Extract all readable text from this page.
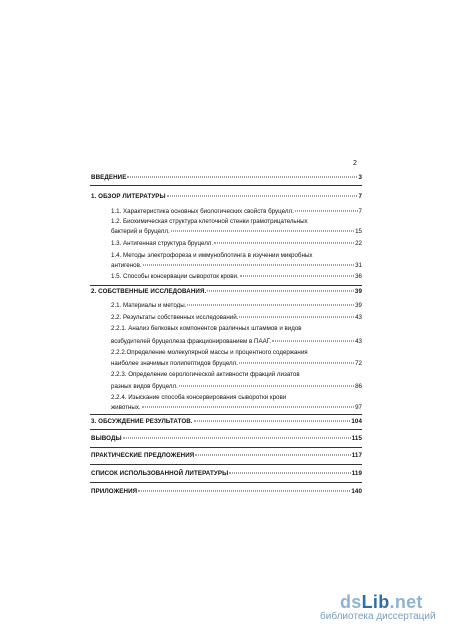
2
ВВЕДЕНИЕ	3
1. ОБЗОР ЛИТЕРАТУРЫ	7
1.1. Характеристика основных биологических свойств бруцелл.	7
1.2. Биохимическая структура клеточной стенки грамотрицательных
бактерий и бруцелл.	15
1.3. Антигенная структура бруцелл.	22
1.4. Методы электрофореза и иммуноблотинга в изучении микробных
антигенов.	31
1.5. Способы консервации сывороток крови.	36
2. СОБСТВЕННЫЕ ИССЛЕДОВАНИЯ.	39
2.1. Материалы и методы.	39
2.2. Результаты собственных исследований.	43
2.2.1. Анализ белковых компонентов различных штаммов и видов
возбудителей бруцеллеза фракционированием в ПААГ.	43
2.2.2.Определение молекулярной массы и процентного содержания
наиболее значимых полипептидов бруцелл.	72
2.2.3. Определение серологической активности фракций лизатов
разных видов бруцелл.	86
2.2.4. Изыскание способа консервирования сыворотки крови
животных.	97
3. ОБСУЖДЕНИЕ РЕЗУЛЬТАТОВ.	104
ВЫВОДЫ	115
ПРАКТИЧЕСКИЕ ПРЕДЛОЖЕНИЯ	117
СПИСОК ИСПОЛЬЗОВАННОЙ ЛИТЕРАТУРЫ	119
ПРИЛОЖЕНИЯ	140
dsLib.net
библиотека диссертаций
